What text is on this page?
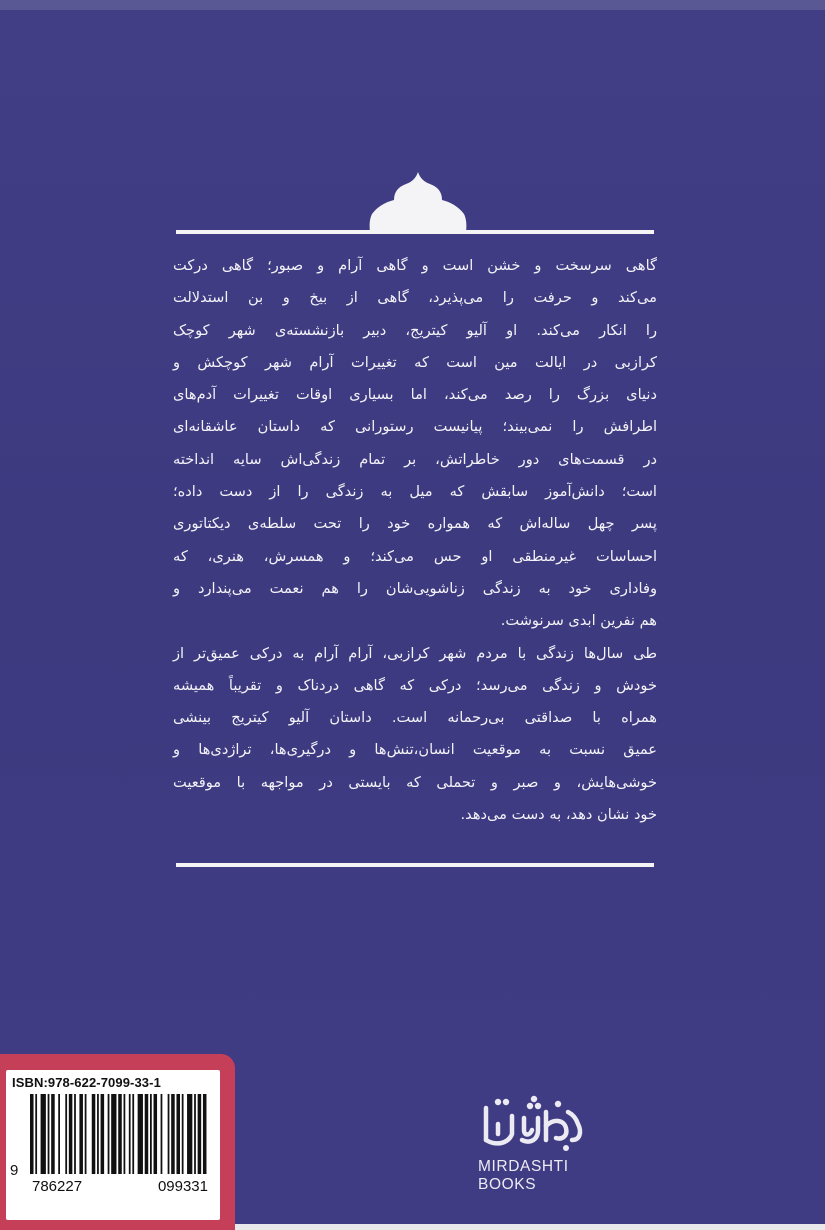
گاهی سرسخت و خشن است و گاهی آرام و صبور؛ گاهی درکت
می‌کند و حرفت را می‌پذیرد، گاهی از بیخ و بن استدلالت
را انکار می‌کند. او آلیو کیتریج، دبیر بازنشسته‌ی شهر کوچک
کرازبی در ایالت مین است که تغییرات آرام شهر کوچکش و
دنیای بزرگ را رصد می‌کند، اما بسیاری اوقات تغییرات آدم‌های
اطرافش را نمی‌بیند؛ پیانیست رستورانی که داستان عاشقانه‌ای
در قسمت‌های دور خاطراتش، بر تمام زندگی‌اش سایه انداخته
است؛ دانش‌آموز سابقش که میل به زندگی را از دست داده؛
پسر چهل ساله‌اش که همواره خود را تحت سلطه‌ی دیکتاتوری
احساسات غیرمنطقی او حس می‌کند؛ و همسرش، هنری، که
وفاداری خود به زندگی زناشویی‌شان را هم نعمت می‌پندارد و
هم نفرین ابدی سرنوشت.

طی سال‌ها زندگی با مردم شهر کرازبی، آرام آرام به درکی عمیق‌تر از
خودش و زندگی می‌رسد؛ درکی که گاهی دردناک و تقریباً همیشه
همراه با صداقتی بی‌رحمانه است. داستان آلیو کیتریج بینشی
عمیق نسبت به موقعیت انسان،تنش‌ها و درگیری‌ها، تراژدی‌ها و
خوشی‌هایش، و صبر و تحملی که بایستی در مواجهه با موقعیت
خود نشان دهد، به دست می‌دهد.

ISBN:978-622-7099-33-1
9
786227	099331
MIRDASHTI BOOKS
